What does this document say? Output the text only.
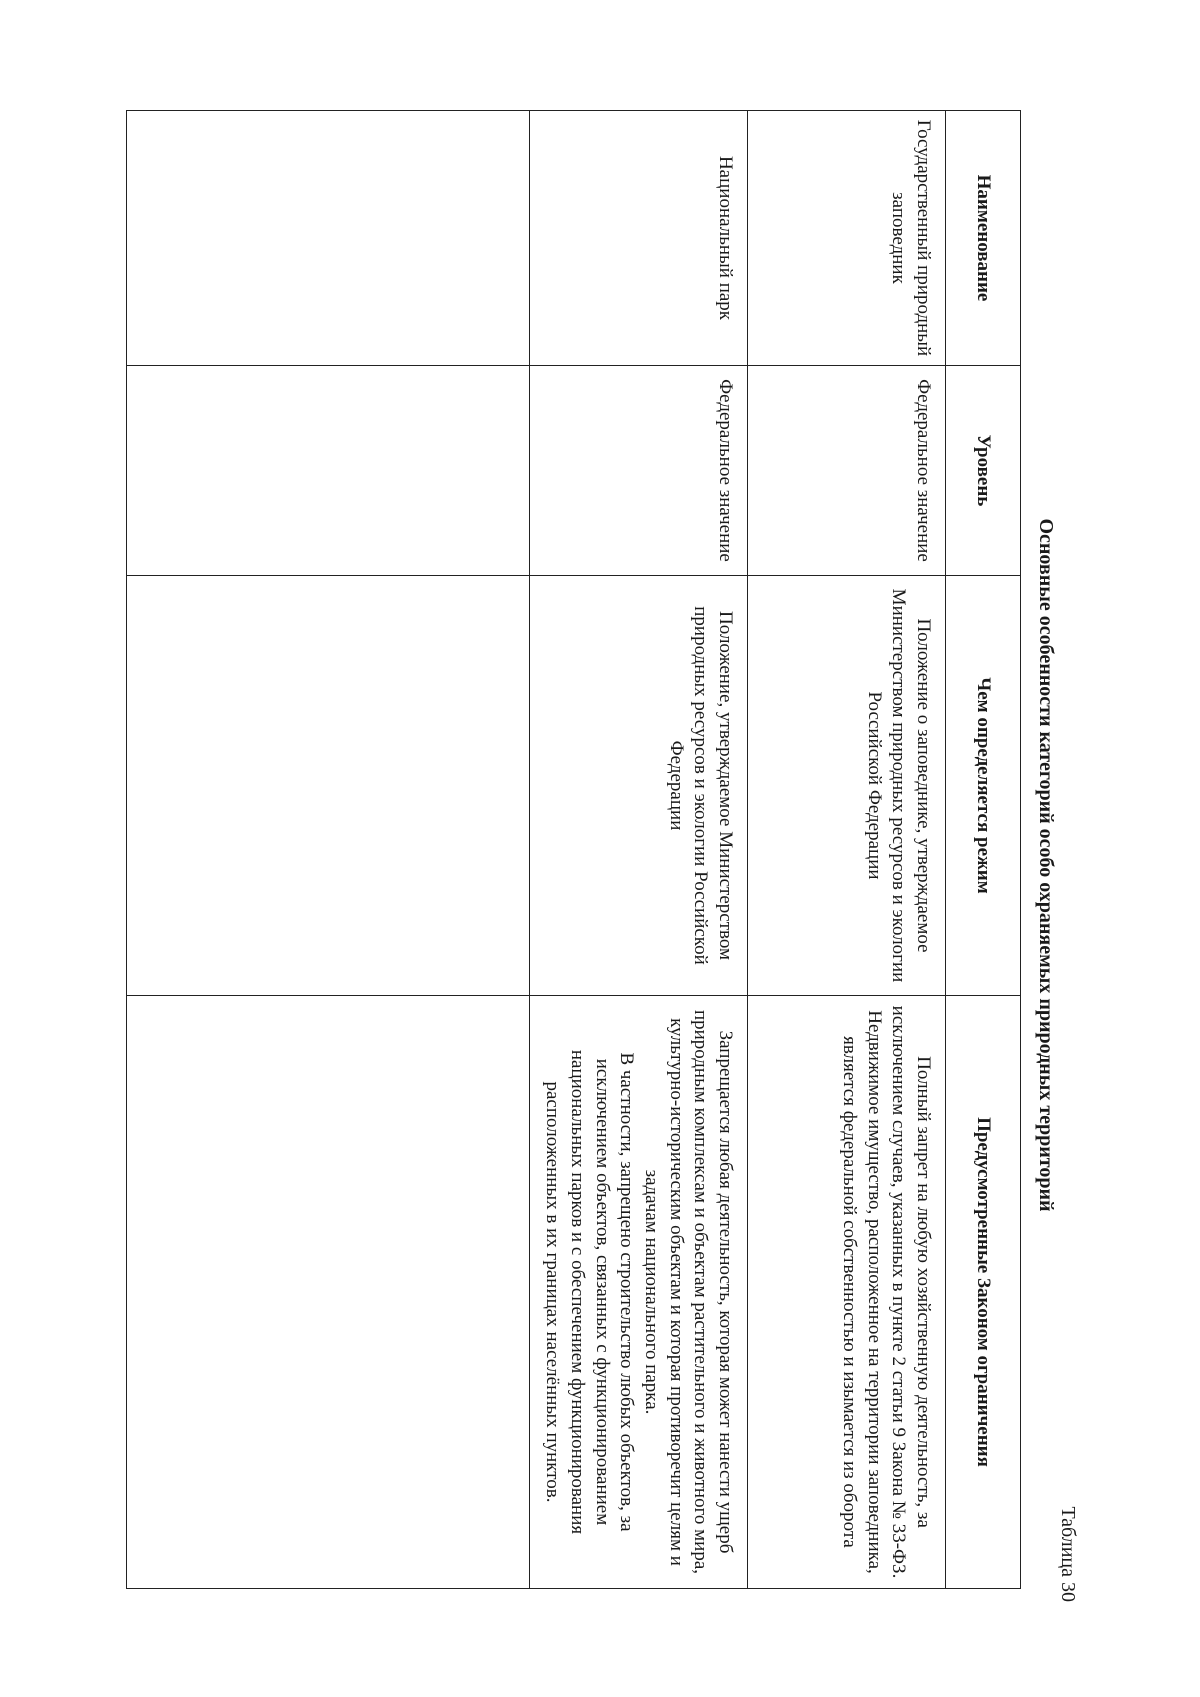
Таблица 30

Основные особенности категорий особо охраняемых природных территорий
Наименование	Уровень	Чем определяется режим	Предусмотренные Законом ограничения
Государственный природный заповедник	Федеральное значение	Положение о заповеднике, утверждаемое Министерством природных ресурсов и экологии Российской Федерации	Полный запрет на любую хозяйственную деятельность, за исключением случаев, указанных в пункте 2 статьи 9 Закона № 33-ФЗ.
Недвижимое имущество, расположенное на территории заповедника, является федеральной собственностью и изымается из оборота

Национальный парк	Федеральное значение	Положение, утверждаемое Министерством природных ресурсов и экологии Российской Федерации	Запрещается любая деятельность, которая может нанести ущерб природным комплексам и объектам растительного и животного мира, культурно-историческим объектам и которая противоречит целям и задачам национального парка.
В частности, запрещено строительство любых объектов, за исключением объектов, связанных с функционированием национальных парков и с обеспечением функционирования расположенных в их границах населённых пунктов.
